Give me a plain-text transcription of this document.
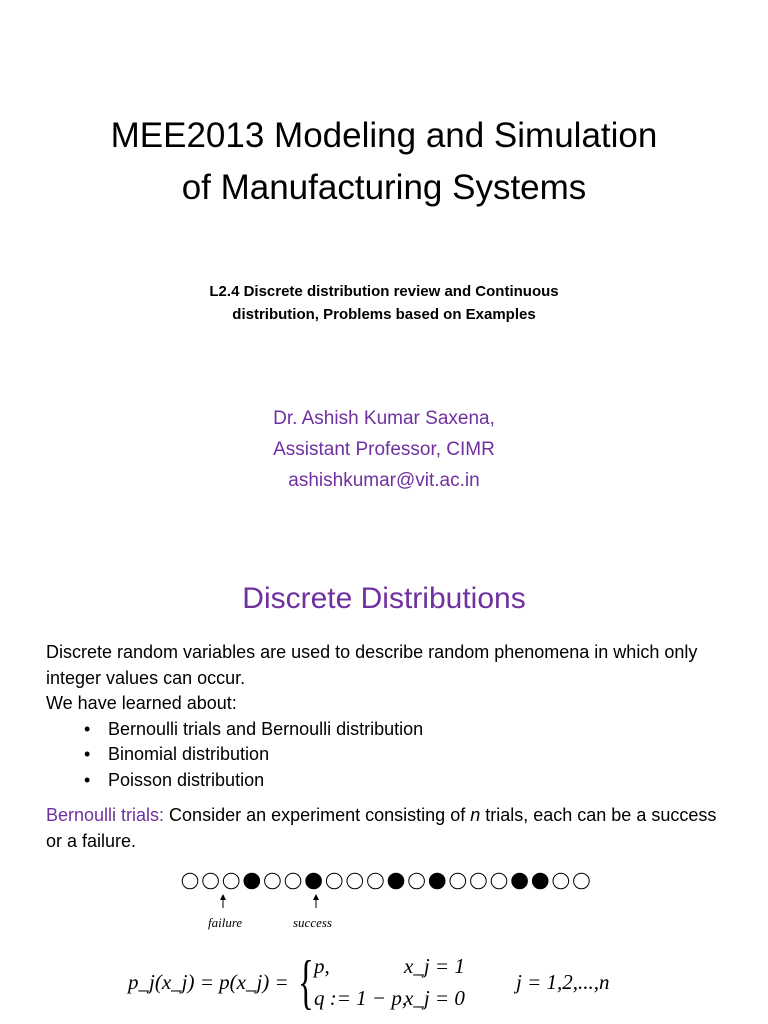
MEE2013 Modeling and Simulation
of Manufacturing Systems
L2.4 Discrete distribution review and Continuous
distribution, Problems based on Examples
Dr. Ashish Kumar Saxena,
Assistant Professor, CIMR
ashishkumar@vit.ac.in
Discrete Distributions

Discrete random variables are used to describe random phenomena in which only integer values can occur.

We have learned about:

• Bernoulli trials and Bernoulli distribution
• Binomial distribution
• Poisson distribution

Bernoulli trials: Consider an experiment consisting of n trials, each can be a success or a failure.

failure	success
p_j(x_j) = p(x_j) = { p,
q := 1 − p,
x_j = 1
x_j = 0
j = 1,2,...,n
